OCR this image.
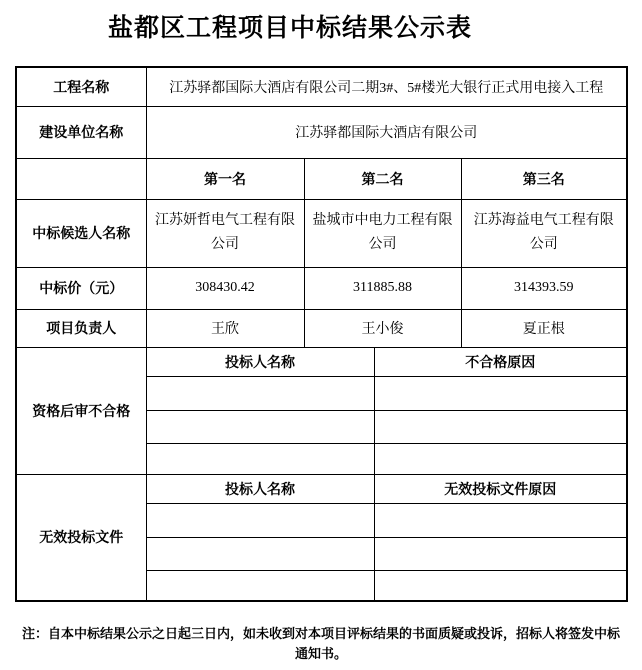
盐都区工程项目中标结果公示表
工程名称	江苏驿都国际大酒店有限公司二期3#、5#楼光大银行正式用电接入工程			
建设单位名称	江苏驿都国际大酒店有限公司			
	第一名	第二名		第三名
中标候选人名称	江苏妍哲电气工程有限公司	盐城市中电力工程有限公司		江苏海益电气工程有限公司
中标价（元）	308430.42	311885.88		314393.59
项目负责人	王欣	王小俊		夏正根
资格后审不合格	投标人名称		不合格原因	

无效投标文件	投标人名称		无效投标文件原因	

注：自本中标结果公示之日起三日内，如未收到对本项目评标结果的书面质疑或投诉，招标人将签发中标
通知书。
